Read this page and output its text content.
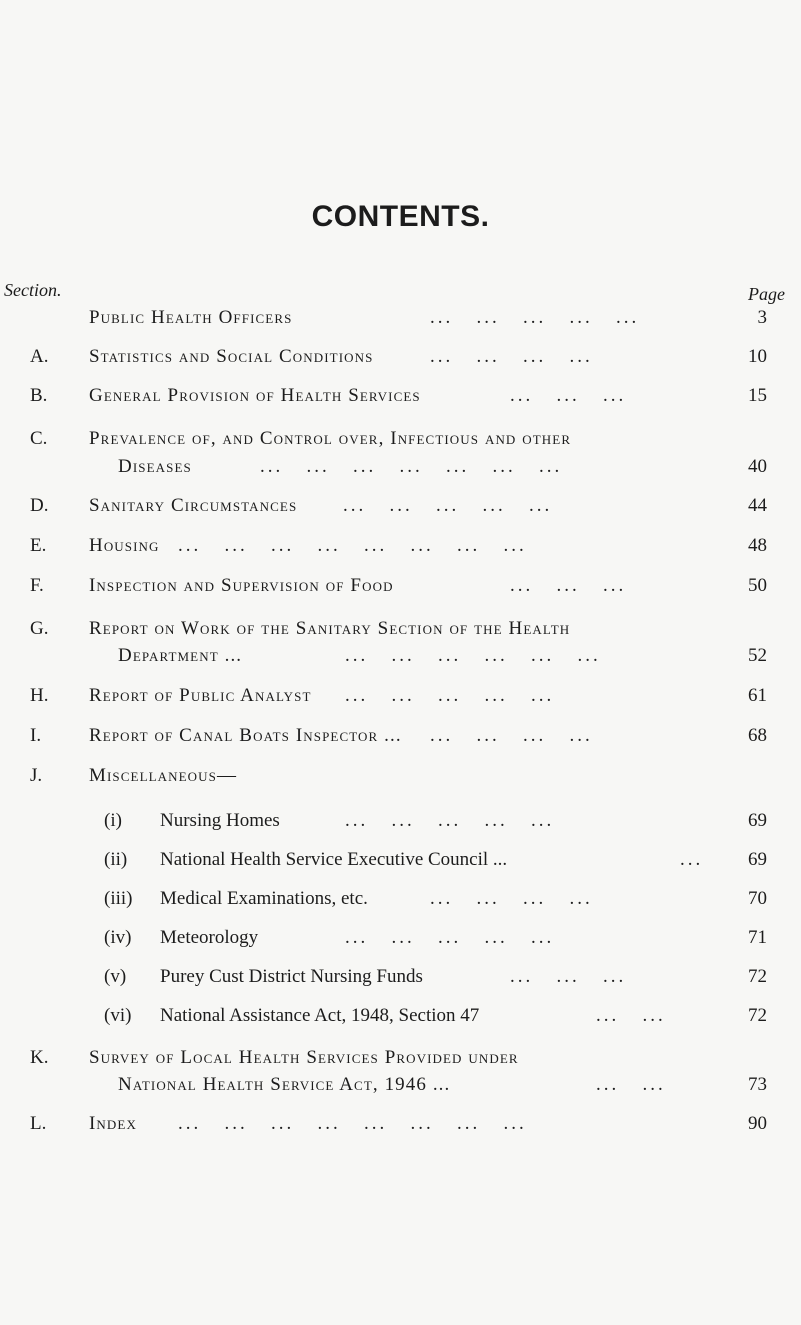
CONTENTS.
Section.	Page
Public Health Officers	...   ...   ...   ...   ...	3
A. Statistics and Social Conditions	...   ...   ...   ...	10
B. General Provision of Health Services	...   ...   ...	15
C. Prevalence of, and Control over, Infectious and other
Diseases	...   ...   ...   ...   ...   ...   ...	40
D. Sanitary Circumstances ...   ...   ...   ...   ...	44
E. Housing ...   ...   ...   ...   ...   ...   ...   ...	48
F. Inspection and Supervision of Food	...   ...   ...	50
G. Report on Work of the Sanitary Section of the Health
Department ...	...   ...   ...   ...   ...   ...	52
H. Report of Public Analyst ...   ...   ...   ...   ...	61
I.	Report of Canal Boats Inspector ... ...   ...   ...   ...	68
J. Miscellaneous—
(i) Nursing Homes	...   ...   ...   ...   ...	69
(ii) National Health Service Executive Council ...	... 69
(iii) Medical Examinations, etc.	...   ...   ...   ...	70
(iv) Meteorology	...   ...   ...   ...   ...	71
(v) Purey Cust District Nursing Funds	...   ...   ...	72
(vi) National Assistance Act, 1948, Section 47	...   ...	72
K. Survey of Local Health Services Provided under
National Health Service Act, 1946 ...	...   ...	73
L. Index ...   ...   ...   ...   ...   ...   ...   ...	90
